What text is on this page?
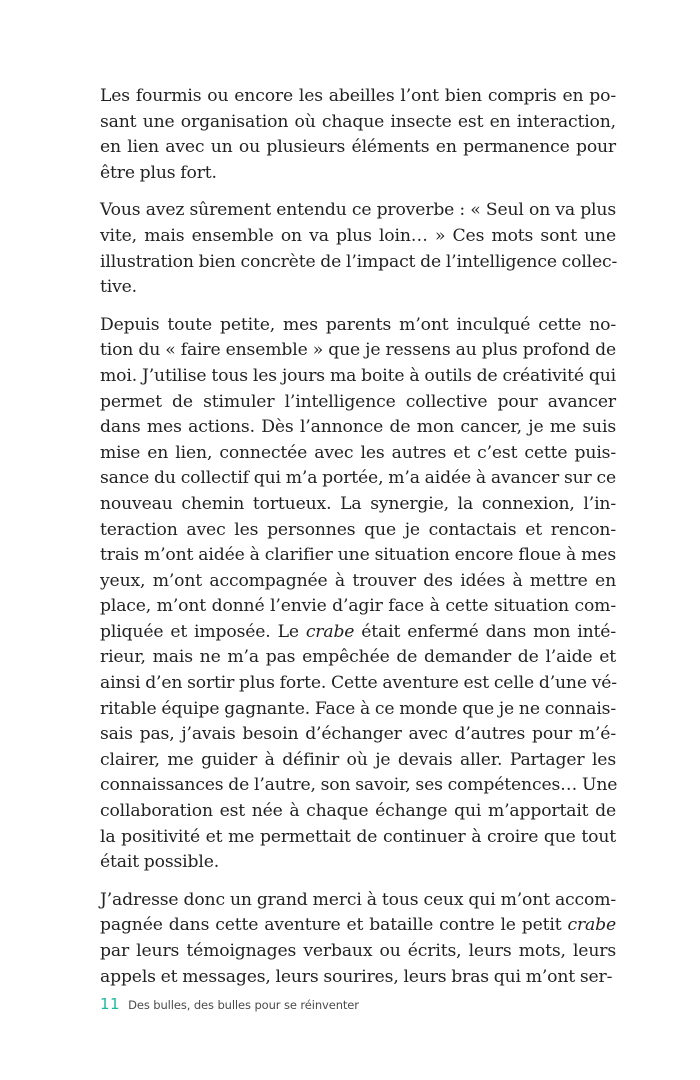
Les fourmis ou encore les abeilles l’ont bien compris en po-
sant une organisation où chaque insecte est en interaction,
en lien avec un ou plusieurs éléments en permanence pour
être plus fort.

Vous avez sûrement entendu ce proverbe : « Seul on va plus
vite, mais ensemble on va plus loin… » Ces mots sont une
illustration bien concrète de l’impact de l’intelligence collec-
tive.

Depuis toute petite, mes parents m’ont inculqué cette no-
tion du « faire ensemble » que je ressens au plus profond de
moi. J’utilise tous les jours ma boite à outils de créativité qui
permet de stimuler l’intelligence collective pour avancer
dans mes actions. Dès l’annonce de mon cancer, je me suis
mise en lien, connectée avec les autres et c’est cette puis-
sance du collectif qui m’a portée, m’a aidée à avancer sur ce
nouveau chemin tortueux. La synergie, la connexion, l’in-
teraction avec les personnes que je contactais et rencon-
trais m’ont aidée à clarifier une situation encore floue à mes
yeux, m’ont accompagnée à trouver des idées à mettre en
place, m’ont donné l’envie d’agir face à cette situation com-
pliquée et imposée. Le crabe était enfermé dans mon inté-
rieur, mais ne m’a pas empêchée de demander de l’aide et
ainsi d’en sortir plus forte. Cette aventure est celle d’une vé-
ritable équipe gagnante. Face à ce monde que je ne connais-
sais pas, j’avais besoin d’échanger avec d’autres pour m’é-
clairer, me guider à définir où je devais aller. Partager les
connaissances de l’autre, son savoir, ses compétences… Une
collaboration est née à chaque échange qui m’apportait de
la positivité et me permettait de continuer à croire que tout
était possible.

J’adresse donc un grand merci à tous ceux qui m’ont accom-
pagnée dans cette aventure et bataille contre le petit crabe
par leurs témoignages verbaux ou écrits, leurs mots, leurs
appels et messages, leurs sourires, leurs bras qui m’ont ser-

11 Des bulles, des bulles pour se réinventer
